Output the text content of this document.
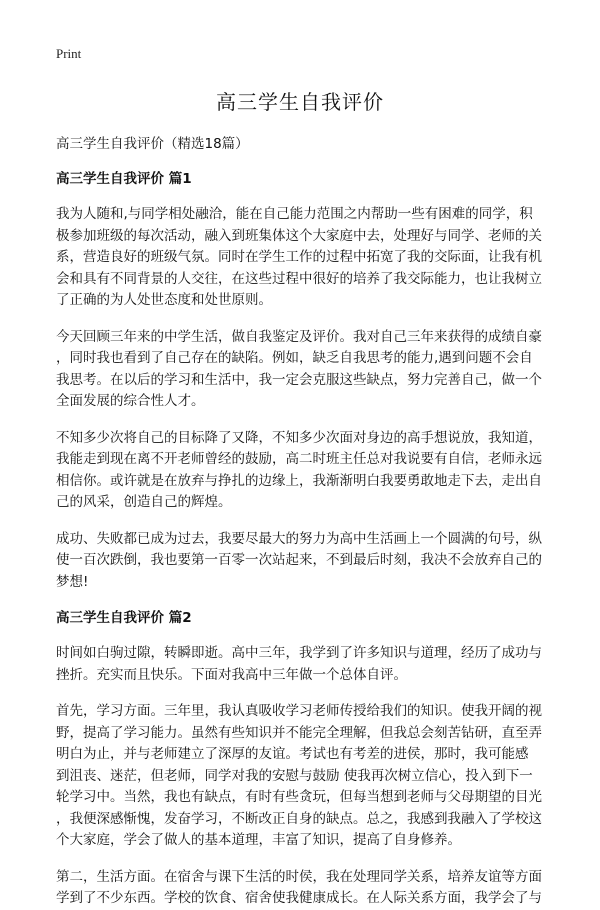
Print
高三学生自我评价
高三学生自我评价（精选18篇）
高三学生自我评价 篇1
我为人随和,与同学相处融洽，能在自己能力范围之内帮助一些有困难的同学，积
极参加班级的每次活动，融入到班集体这个大家庭中去，处理好与同学、老师的关
系，营造良好的班级气氛。同时在学生工作的过程中拓宽了我的交际面，让我有机
会和具有不同背景的人交往，在这些过程中很好的培养了我交际能力，也让我树立
了正确的为人处世态度和处世原则。
今天回顾三年来的中学生活，做自我鉴定及评价。我对自己三年来获得的成绩自豪
，同时我也看到了自己存在的缺陷。例如，缺乏自我思考的能力,遇到问题不会自
我思考。在以后的学习和生活中，我一定会克服这些缺点，努力完善自己，做一个
全面发展的综合性人才。
不知多少次将自己的目标降了又降，不知多少次面对身边的高手想说放，我知道，
我能走到现在离不开老师曾经的鼓励，高二时班主任总对我说要有自信，老师永远
相信你。或许就是在放弃与挣扎的边缘上，我渐渐明白我要勇敢地走下去，走出自
己的风采，创造自己的辉煌。
成功、失败都已成为过去，我要尽最大的努力为高中生活画上一个圆满的句号，纵
使一百次跌倒，我也要第一百零一次站起来，不到最后时刻，我决不会放弃自己的
梦想!
高三学生自我评价 篇2
时间如白驹过隙，转瞬即逝。高中三年，我学到了许多知识与道理，经历了成功与
挫折。充实而且快乐。下面对我高中三年做一个总体自评。
首先，学习方面。三年里，我认真吸收学习老师传授给我们的知识。使我开阔的视
野，提高了学习能力。虽然有些知识并不能完全理解，但我总会刻苦钻研，直至弄
明白为止，并与老师建立了深厚的友谊。考试也有考差的进侯，那时，我可能感
到沮丧、迷茫，但老师，同学对我的安慰与鼓励 使我再次树立信心，投入到下一
轮学习中。当然，我也有缺点，有时有些贪玩，但每当想到老师与父母期望的目光
，我便深感惭愧，发奋学习，不断改正自身的缺点。总之，我感到我融入了学校这
个大家庭，学会了做人的基本道理，丰富了知识，提高了自身修养。
第二，生活方面。在宿舍与课下生活的时侯，我在处理同学关系，培养友谊等方面
学到了不少东西。学校的饮食、宿舍使我健康成长。在人际关系方面，我学会了与
